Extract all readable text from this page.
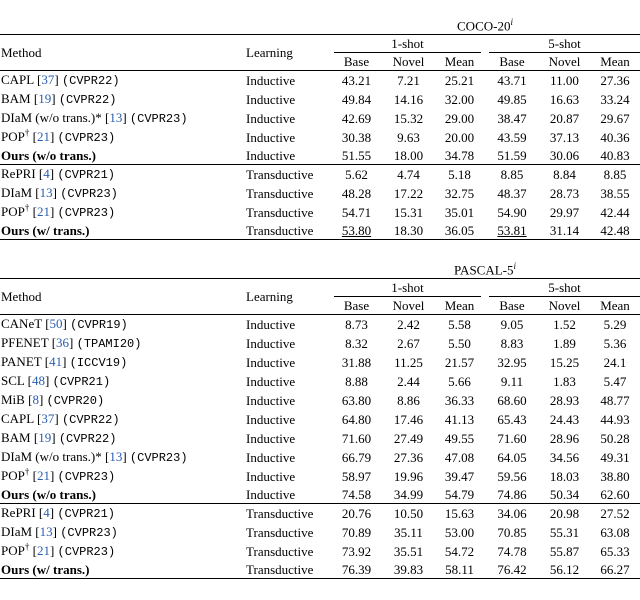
		COCO-20$^i$
Method	Learning	1-shot			5-shot		

		Base	Novel	Mean	Base	Novel	Mean
CAPL [37] (CVPR22)	Inductive	43.21	7.21	25.21	43.71	11.00	27.36
BAM [19] (CVPR22)	Inductive	49.84	14.16	32.00	49.85	16.63	33.24
DIaM (w/o trans.)* [13] (CVPR23)	Inductive	42.69	15.32	29.00	38.47	20.87	29.67
POP† [21] (CVPR23)	Inductive	30.38	9.63	20.00	43.59	37.13	40.36
Ours (w/o trans.)	Inductive	51.55	18.00	34.78	51.59	30.06	40.83
RePRI [4] (CVPR21)	Transductive	5.62	4.74	5.18	8.85	8.84	8.85
DIaM [13] (CVPR23)	Transductive	48.28	17.22	32.75	48.37	28.73	38.55
POP† [21] (CVPR23)	Transductive	54.71	15.31	35.01	54.90	29.97	42.44
Ours (w/ trans.)	Transductive	53.80	18.30	36.05	53.81	31.14	42.48
		PASCAL-5$^i$
Method	Learning	1-shot			5-shot		

		Base	Novel	Mean	Base	Novel	Mean
CANeT [50] (CVPR19)	Inductive	8.73	2.42	5.58	9.05	1.52	5.29
PFENET [36] (TPAMI20)	Inductive	8.32	2.67	5.50	8.83	1.89	5.36
PANET [41] (ICCV19)	Inductive	31.88	11.25	21.57	32.95	15.25	24.1
SCL [48] (CVPR21)	Inductive	8.88	2.44	5.66	9.11	1.83	5.47
MiB [8] (CVPR20)	Inductive	63.80	8.86	36.33	68.60	28.93	48.77
CAPL [37] (CVPR22)	Inductive	64.80	17.46	41.13	65.43	24.43	44.93
BAM [19] (CVPR22)	Inductive	71.60	27.49	49.55	71.60	28.96	50.28
DIaM (w/o trans.)* [13] (CVPR23)	Inductive	66.79	27.36	47.08	64.05	34.56	49.31
POP† [21] (CVPR23)	Inductive	58.97	19.96	39.47	59.56	18.03	38.80
Ours (w/o trans.)	Inductive	74.58	34.99	54.79	74.86	50.34	62.60
RePRI [4] (CVPR21)	Transductive	20.76	10.50	15.63	34.06	20.98	27.52
DIaM [13] (CVPR23)	Transductive	70.89	35.11	53.00	70.85	55.31	63.08
POP† [21] (CVPR23)	Transductive	73.92	35.51	54.72	74.78	55.87	65.33
Ours (w/ trans.)	Transductive	76.39	39.83	58.11	76.42	56.12	66.27
